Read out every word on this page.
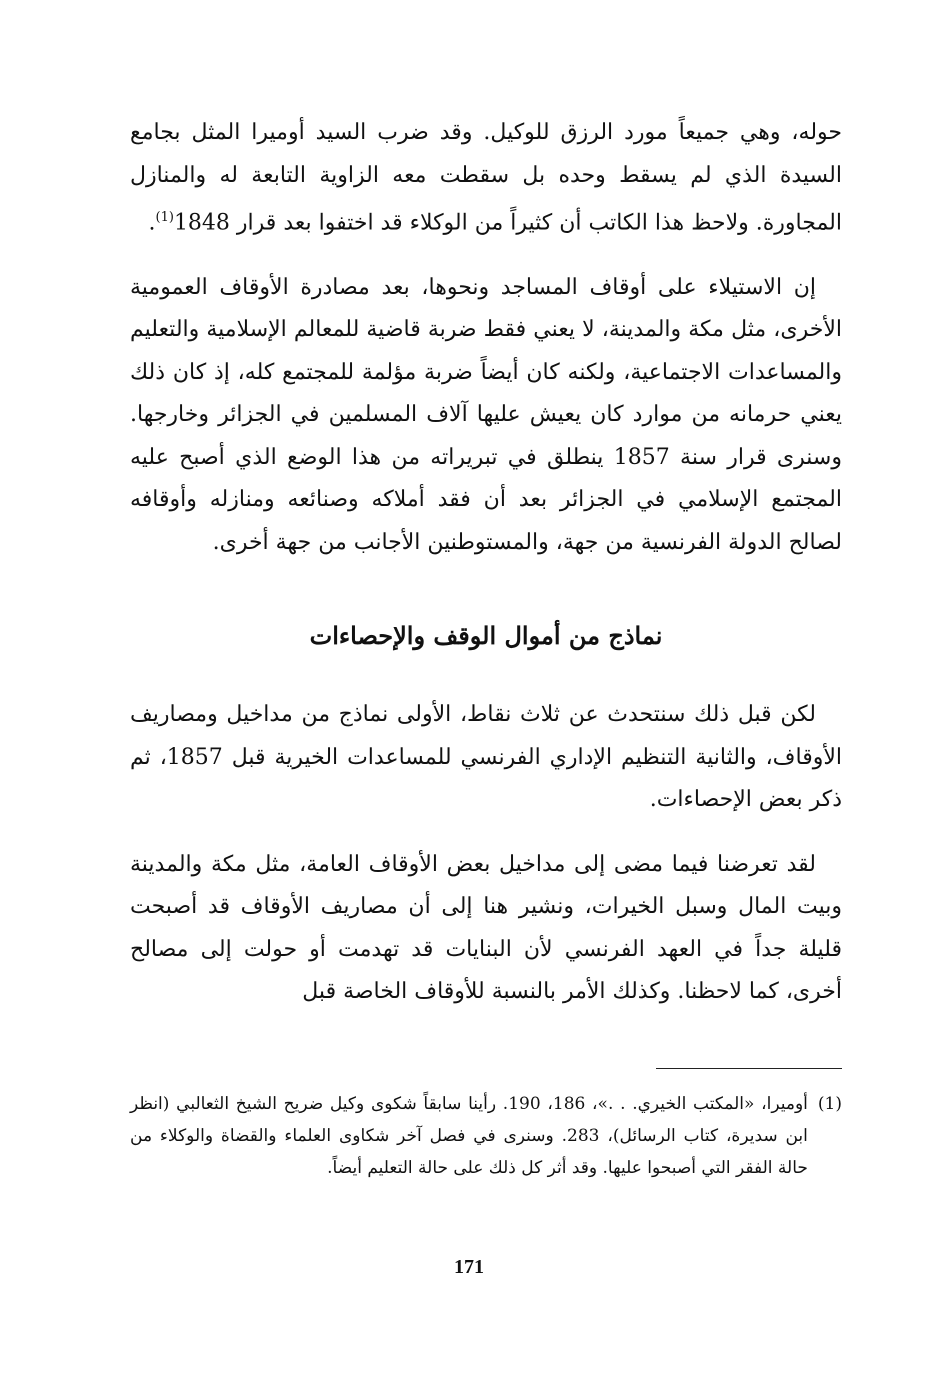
حوله، وهي جميعاً مورد الرزق للوكيل. وقد ضرب السيد أوميرا المثل بجامع السيدة الذي لم يسقط وحده بل سقطت معه الزاوية التابعة له والمنازل المجاورة. ولاحظ هذا الكاتب أن كثيراً من الوكلاء قد اختفوا بعد قرار 1848$^{(1)}$.

إن الاستيلاء على أوقاف المساجد ونحوها، بعد مصادرة الأوقاف العمومية الأخرى، مثل مكة والمدينة، لا يعني فقط ضربة قاضية للمعالم الإسلامية والتعليم والمساعدات الاجتماعية، ولكنه كان أيضاً ضربة مؤلمة للمجتمع كله، إذ كان ذلك يعني حرمانه من موارد كان يعيش عليها آلاف المسلمين في الجزائر وخارجها. وسنرى قرار سنة 1857 ينطلق في تبريراته من هذا الوضع الذي أصبح عليه المجتمع الإسلامي في الجزائر بعد أن فقد أملاكه وصنائعه ومنازله وأوقافه لصالح الدولة الفرنسية من جهة، والمستوطنين الأجانب من جهة أخرى.

نماذج من أموال الوقف والإحصاءات

لكن قبل ذلك سنتحدث عن ثلاث نقاط، الأولى نماذج من مداخيل ومصاريف الأوقاف، والثانية التنظيم الإداري الفرنسي للمساعدات الخيرية قبل 1857، ثم ذكر بعض الإحصاءات.

لقد تعرضنا فيما مضى إلى مداخيل بعض الأوقاف العامة، مثل مكة والمدينة وبيت المال وسبل الخيرات، ونشير هنا إلى أن مصاريف الأوقاف قد أصبحت قليلة جداً في العهد الفرنسي لأن البنايات قد تهدمت أو حولت إلى مصالح أخرى، كما لاحظنا. وكذلك الأمر بالنسبة للأوقاف الخاصة قبل

(1)
أوميرا، «المكتب الخيري. . .»، 186، 190. رأينا سابقاً شكوى وكيل ضريح الشيخ الثعالبي (انظر ابن سديرة، كتاب الرسائل)، 283. وسنرى في فصل آخر شكاوى العلماء والقضاة والوكلاء من حالة الفقر التي أصبحوا عليها. وقد أثر كل ذلك على حالة التعليم أيضاً.
171
